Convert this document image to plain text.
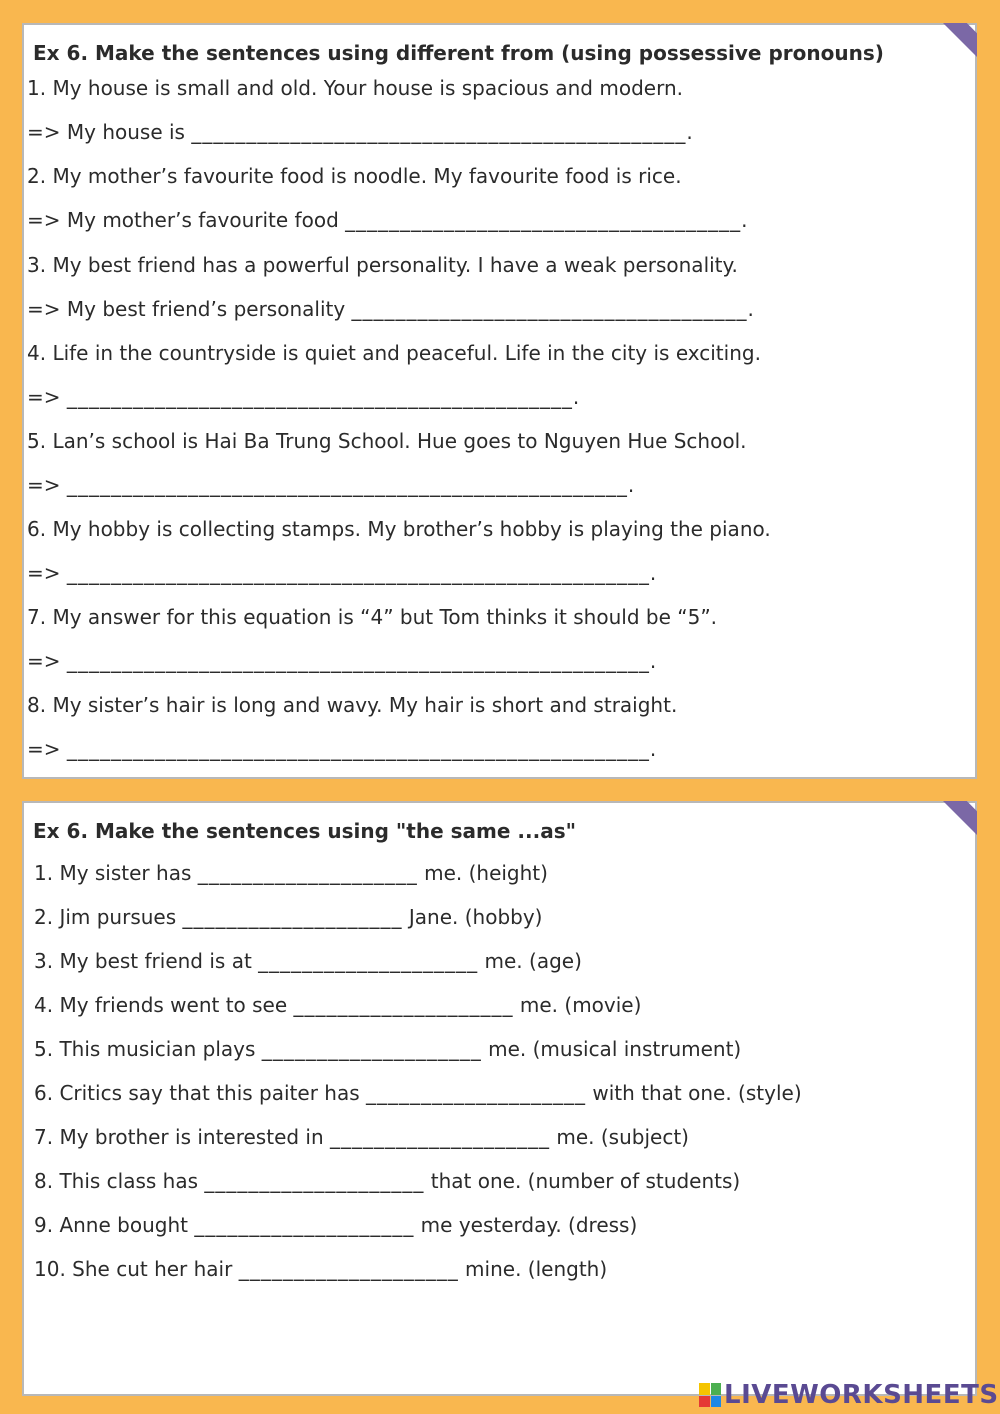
Ex 6. Make the sentences using different from (using possessive pronouns)
1. My house is small and old. Your house is spacious and modern.
=> My house is _____________________________________________.
2. My mother’s favourite food is noodle. My favourite food is rice.
=> My mother’s favourite food ____________________________________.
3. My best friend has a powerful personality. I have a weak personality.
=> My best friend’s personality ____________________________________.
4. Life in the countryside is quiet and peaceful. Life in the city is exciting.
=> ______________________________________________.
5. Lan’s school is Hai Ba Trung School. Hue goes to Nguyen Hue School.
=> ___________________________________________________.
6. My hobby is collecting stamps. My brother’s hobby is playing the piano.
=> _____________________________________________________.
7. My answer for this equation is “4” but Tom thinks it should be “5”.
=> _____________________________________________________.
8. My sister’s hair is long and wavy. My hair is short and straight.
=> _____________________________________________________.
Ex 6. Make the sentences using "the same ...as"
1. My sister has ____________________ me. (height)
2. Jim pursues ____________________ Jane. (hobby)
3. My best friend is at ____________________ me. (age)
4. My friends went to see ____________________ me. (movie)
5. This musician plays ____________________ me. (musical instrument)
6. Critics say that this paiter has ____________________ with that one. (style)
7. My brother is interested in ____________________ me. (subject)
8. This class has ____________________ that one. (number of students)
9. Anne bought ____________________ me yesterday. (dress)
10. She cut her hair ____________________ mine. (length)
LIVEWORKSHEETS
